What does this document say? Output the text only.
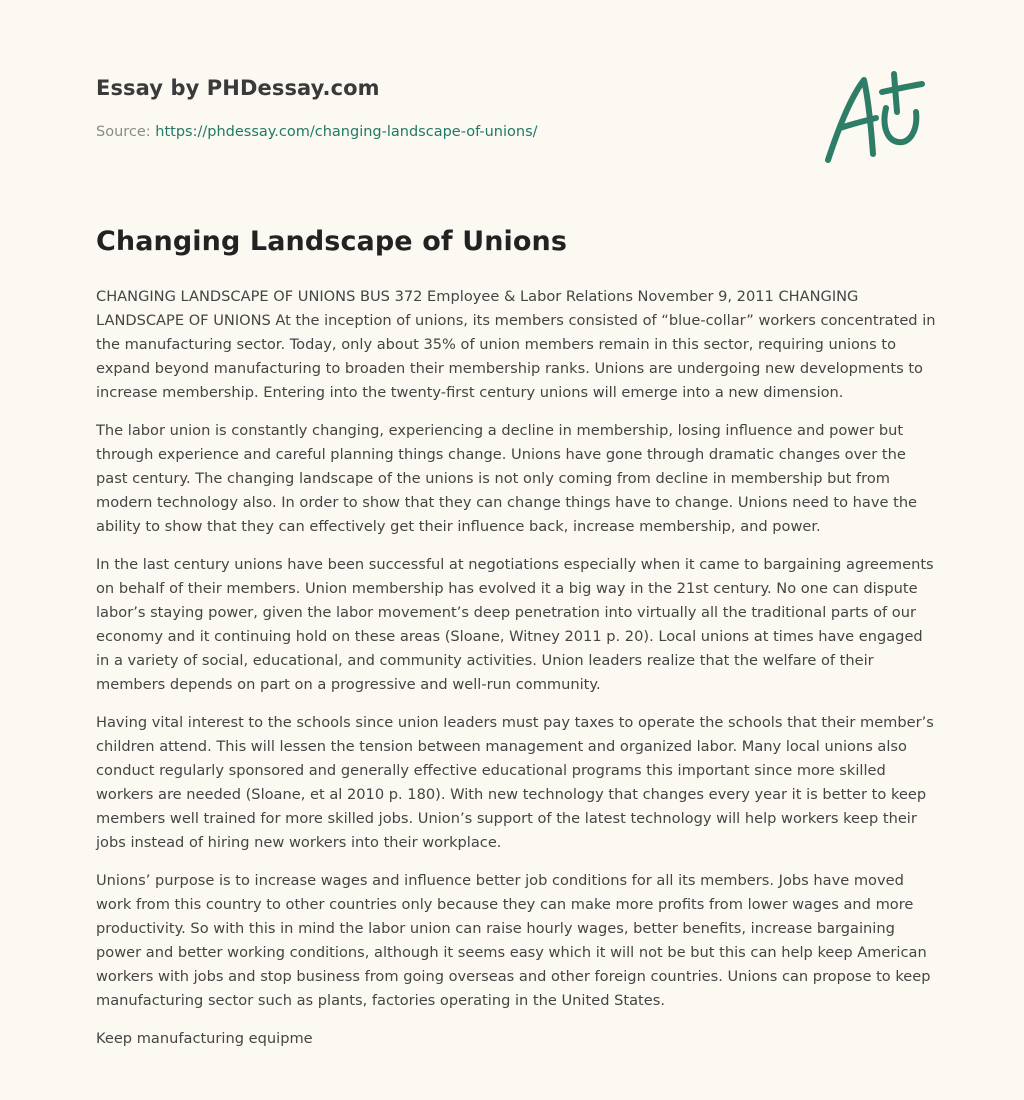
Essay by PHDessay.com
Source: https://phdessay.com/changing-landscape-of-unions/
Changing Landscape of Unions

CHANGING LANDSCAPE OF UNIONS BUS 372 Employee & Labor Relations November 9, 2011 CHANGING LANDSCAPE OF UNIONS At the inception of unions, its members consisted of “blue-collar” workers concentrated in the manufacturing sector. Today, only about 35% of union members remain in this sector, requiring unions to expand beyond manufacturing to broaden their membership ranks. Unions are undergoing new developments to increase membership. Entering into the twenty-first century unions will emerge into a new dimension.

The labor union is constantly changing, experiencing a decline in membership, losing influence and power but through experience and careful planning things change. Unions have gone through dramatic changes over the past century. The changing landscape of the unions is not only coming from decline in membership but from modern technology also. In order to show that they can change things have to change. Unions need to have the ability to show that they can effectively get their influence back, increase membership, and power.

In the last century unions have been successful at negotiations especially when it came to bargaining agreements on behalf of their members. Union membership has evolved it a big way in the 21st century. No one can dispute labor’s staying power, given the labor movement’s deep penetration into virtually all the traditional parts of our economy and it continuing hold on these areas (Sloane, Witney 2011 p. 20). Local unions at times have engaged in a variety of social, educational, and community activities. Union leaders realize that the welfare of their members depends on part on a progressive and well-run community.

Having vital interest to the schools since union leaders must pay taxes to operate the schools that their member’s children attend. This will lessen the tension between management and organized labor. Many local unions also conduct regularly sponsored and generally effective educational programs this important since more skilled workers are needed (Sloane, et al 2010 p. 180). With new technology that changes every year it is better to keep members well trained for more skilled jobs. Union’s support of the latest technology will help workers keep their jobs instead of hiring new workers into their workplace.

Unions’ purpose is to increase wages and influence better job conditions for all its members. Jobs have moved work from this country to other countries only because they can make more profits from lower wages and more productivity. So with this in mind the labor union can raise hourly wages, better benefits, increase bargaining power and better working conditions, although it seems easy which it will not be but this can help keep American workers with jobs and stop business from going overseas and other foreign countries. Unions can propose to keep manufacturing sector such as plants, factories operating in the United States.

Keep manufacturing equipme
